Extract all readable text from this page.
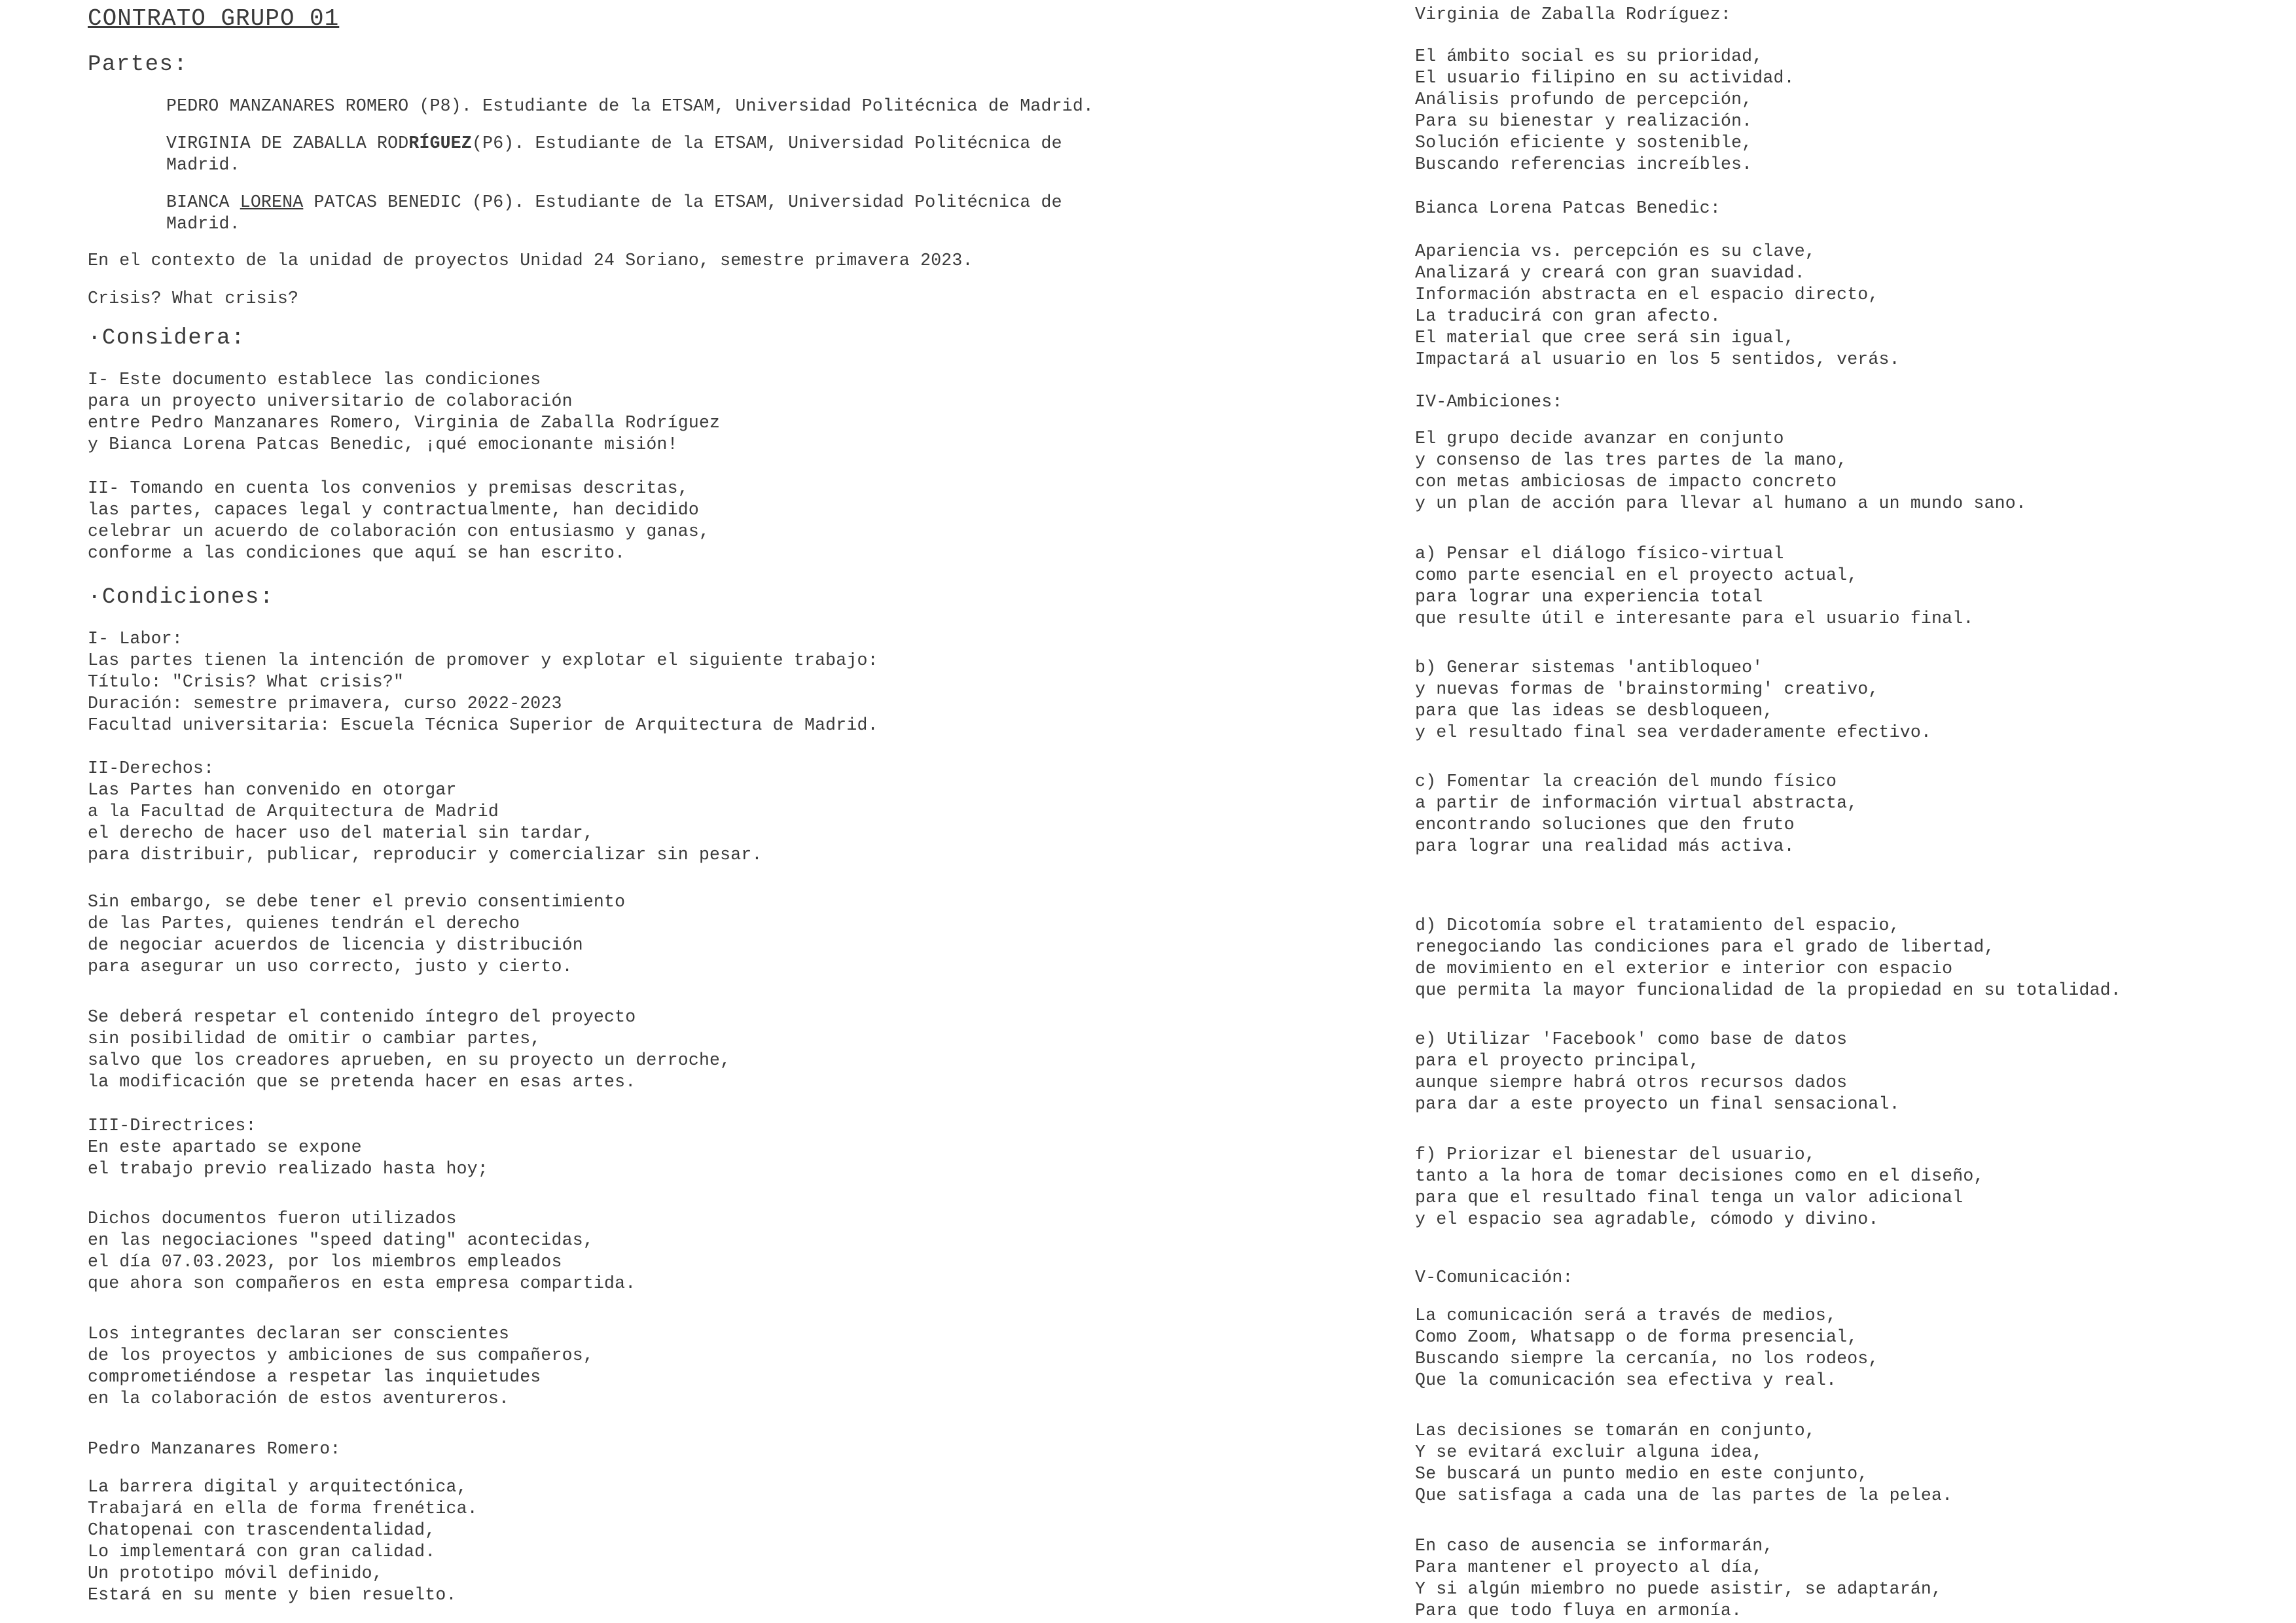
CONTRATO GRUPO 01

Partes:

PEDRO MANZANARES ROMERO (P8). Estudiante de la ETSAM, Universidad Politécnica de Madrid.

VIRGINIA DE ZABALLA RODRÍGUEZ(P6). Estudiante de la ETSAM, Universidad Politécnica de
Madrid.

BIANCA LORENA PATCAS BENEDIC (P6). Estudiante de la ETSAM, Universidad Politécnica de
Madrid.

En el contexto de la unidad de proyectos Unidad 24 Soriano, semestre primavera 2023.

Crisis? What crisis?

·Considera:

I- Este documento establece las condiciones
para un proyecto universitario de colaboración
entre Pedro Manzanares Romero, Virginia de Zaballa Rodríguez
y Bianca Lorena Patcas Benedic, ¡qué emocionante misión!

II- Tomando en cuenta los convenios y premisas descritas,
las partes, capaces legal y contractualmente, han decidido
celebrar un acuerdo de colaboración con entusiasmo y ganas,
conforme a las condiciones que aquí se han escrito.

·Condiciones:

I- Labor:
Las partes tienen la intención de promover y explotar el siguiente trabajo:
Título: "Crisis? What crisis?"
Duración: semestre primavera, curso 2022-2023
Facultad universitaria: Escuela Técnica Superior de Arquitectura de Madrid.

II-Derechos:
Las Partes han convenido en otorgar
a la Facultad de Arquitectura de Madrid
el derecho de hacer uso del material sin tardar,
para distribuir, publicar, reproducir y comercializar sin pesar.

Sin embargo, se debe tener el previo consentimiento
de las Partes, quienes tendrán el derecho
de negociar acuerdos de licencia y distribución
para asegurar un uso correcto, justo y cierto.

Se deberá respetar el contenido íntegro del proyecto
sin posibilidad de omitir o cambiar partes,
salvo que los creadores aprueben, en su proyecto un derroche,
la modificación que se pretenda hacer en esas artes.

III-Directrices:
En este apartado se expone
el trabajo previo realizado hasta hoy;

Dichos documentos fueron utilizados
en las negociaciones "speed dating" acontecidas,
el día 07.03.2023, por los miembros empleados
que ahora son compañeros en esta empresa compartida.

Los integrantes declaran ser conscientes
de los proyectos y ambiciones de sus compañeros,
comprometiéndose a respetar las inquietudes
en la colaboración de estos aventureros.

Pedro Manzanares Romero:

La barrera digital y arquitectónica,
Trabajará en ella de forma frenética.
Chatopenai con trascendentalidad,
Lo implementará con gran calidad.
Un prototipo móvil definido,
Estará en su mente y bien resuelto.

Virginia de Zaballa Rodríguez:

El ámbito social es su prioridad,
El usuario filipino en su actividad.
Análisis profundo de percepción,
Para su bienestar y realización.
Solución eficiente y sostenible,
Buscando referencias increíbles.

Bianca Lorena Patcas Benedic:

Apariencia vs. percepción es su clave,
Analizará y creará con gran suavidad.
Información abstracta en el espacio directo,
La traducirá con gran afecto.
El material que cree será sin igual,
Impactará al usuario en los 5 sentidos, verás.

IV-Ambiciones:

El grupo decide avanzar en conjunto
y consenso de las tres partes de la mano,
con metas ambiciosas de impacto concreto
y un plan de acción para llevar al humano a un mundo sano.

a) Pensar el diálogo físico-virtual
como parte esencial en el proyecto actual,
para lograr una experiencia total
que resulte útil e interesante para el usuario final.

b) Generar sistemas 'antibloqueo'
y nuevas formas de 'brainstorming' creativo,
para que las ideas se desbloqueen,
y el resultado final sea verdaderamente efectivo.

c) Fomentar la creación del mundo físico
a partir de información virtual abstracta,
encontrando soluciones que den fruto
para lograr una realidad más activa.

d) Dicotomía sobre el tratamiento del espacio,
renegociando las condiciones para el grado de libertad,
de movimiento en el exterior e interior con espacio
que permita la mayor funcionalidad de la propiedad en su totalidad.

e) Utilizar 'Facebook' como base de datos
para el proyecto principal,
aunque siempre habrá otros recursos dados
para dar a este proyecto un final sensacional.

f) Priorizar el bienestar del usuario,
tanto a la hora de tomar decisiones como en el diseño,
para que el resultado final tenga un valor adicional
y el espacio sea agradable, cómodo y divino.

V-Comunicación:

La comunicación será a través de medios,
Como Zoom, Whatsapp o de forma presencial,
Buscando siempre la cercanía, no los rodeos,
Que la comunicación sea efectiva y real.

Las decisiones se tomarán en conjunto,
Y se evitará excluir alguna idea,
Se buscará un punto medio en este conjunto,
Que satisfaga a cada una de las partes de la pelea.

En caso de ausencia se informarán,
Para mantener el proyecto al día,
Y si algún miembro no puede asistir, se adaptarán,
Para que todo fluya en armonía.
